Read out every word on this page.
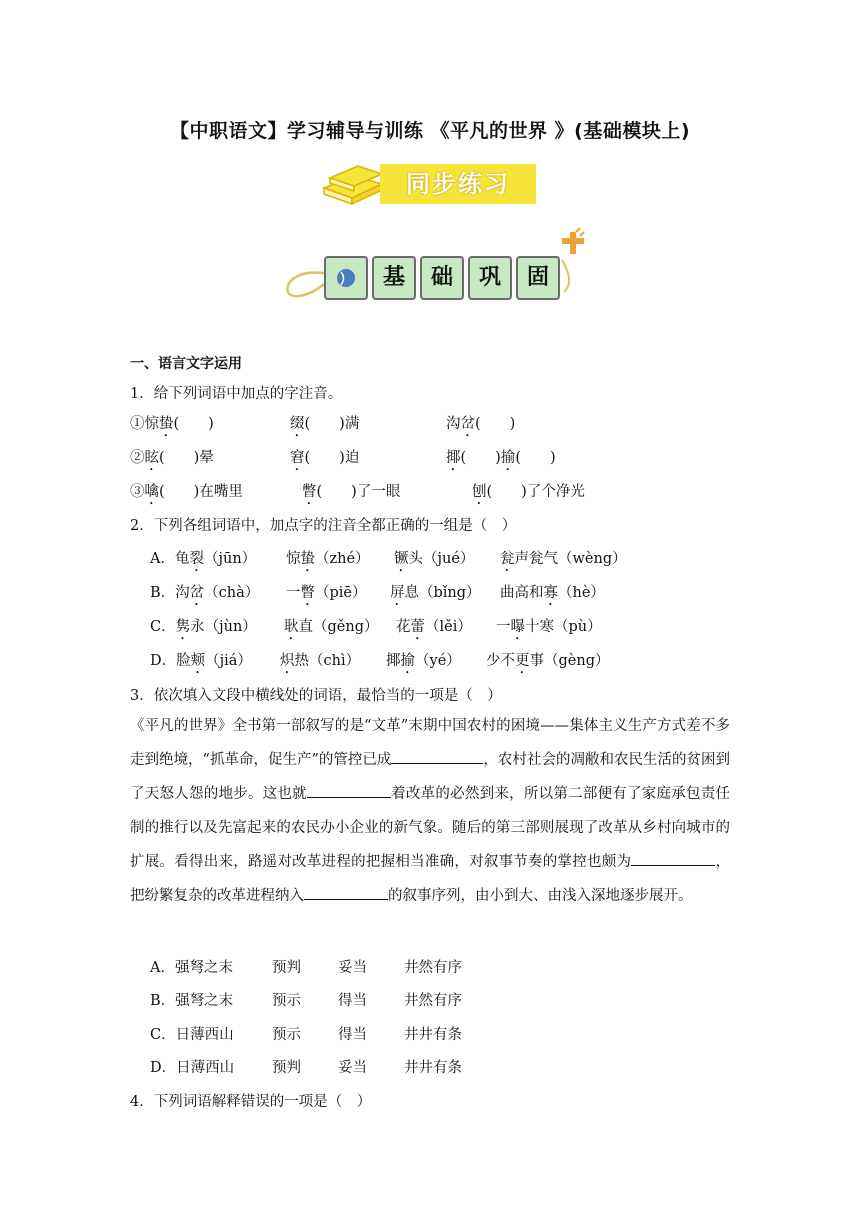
【中职语文】学习辅导与训练 《平凡的世界 》(基础模块上)
同步练习
基	础	巩	固
一、语言文字运用
1．给下列词语中加点的字注音。
①惊蛰(　　)	缀(　　)满	沟岔(　　)
②眩(　　)晕	窘(　　)迫	揶(　　)揄(　　)
③噙(　　)在嘴里	瞥(　　)了一眼	刨(　　)了个净光
2．下列各组词语中，加点字的注音全都正确的一组是（　）
A．龟裂（jūn） 惊蛰（zhé） 镢头（jué） 瓮声瓮气（wèng）
B．沟岔（chà） 一瞥（piē） 屏息（bǐng） 曲高和寡（hè）
C．隽永（jùn） 耿直（gěng） 花蕾（lěi） 一曝十寒（pù）
D．脸颊（jiá） 炽热（chì） 揶揄（yé） 少不更事（gèng）
3．依次填入文段中横线处的词语，最恰当的一项是（　）
《平凡的世界》全书第一部叙写的是“文革”末期中国农村的困境——集体主义生产方式差不多走到绝境，“抓革命，促生产”的管控已成	，农村社会的凋敝和农民生活的贫困到了天怒人怨的地步。这也就	着改革的必然到来，所以第二部便有了家庭承包责任制的推行以及先富起来的农民办小企业的新气象。随后的第三部则展现了改革从乡村向城市的扩展。看得出来，路遥对改革进程的把握相当准确，对叙事节奏的掌控也颇为	，把纷繁复杂的改革进程纳入	的叙事序列，由小到大、由浅入深地逐步展开。
A．强弩之末	预判	妥当	井然有序
B．强弩之末	预示	得当	井然有序
C．日薄西山	预示	得当	井井有条
D．日薄西山	预判	妥当	井井有条
4．下列词语解释错误的一项是（　）
